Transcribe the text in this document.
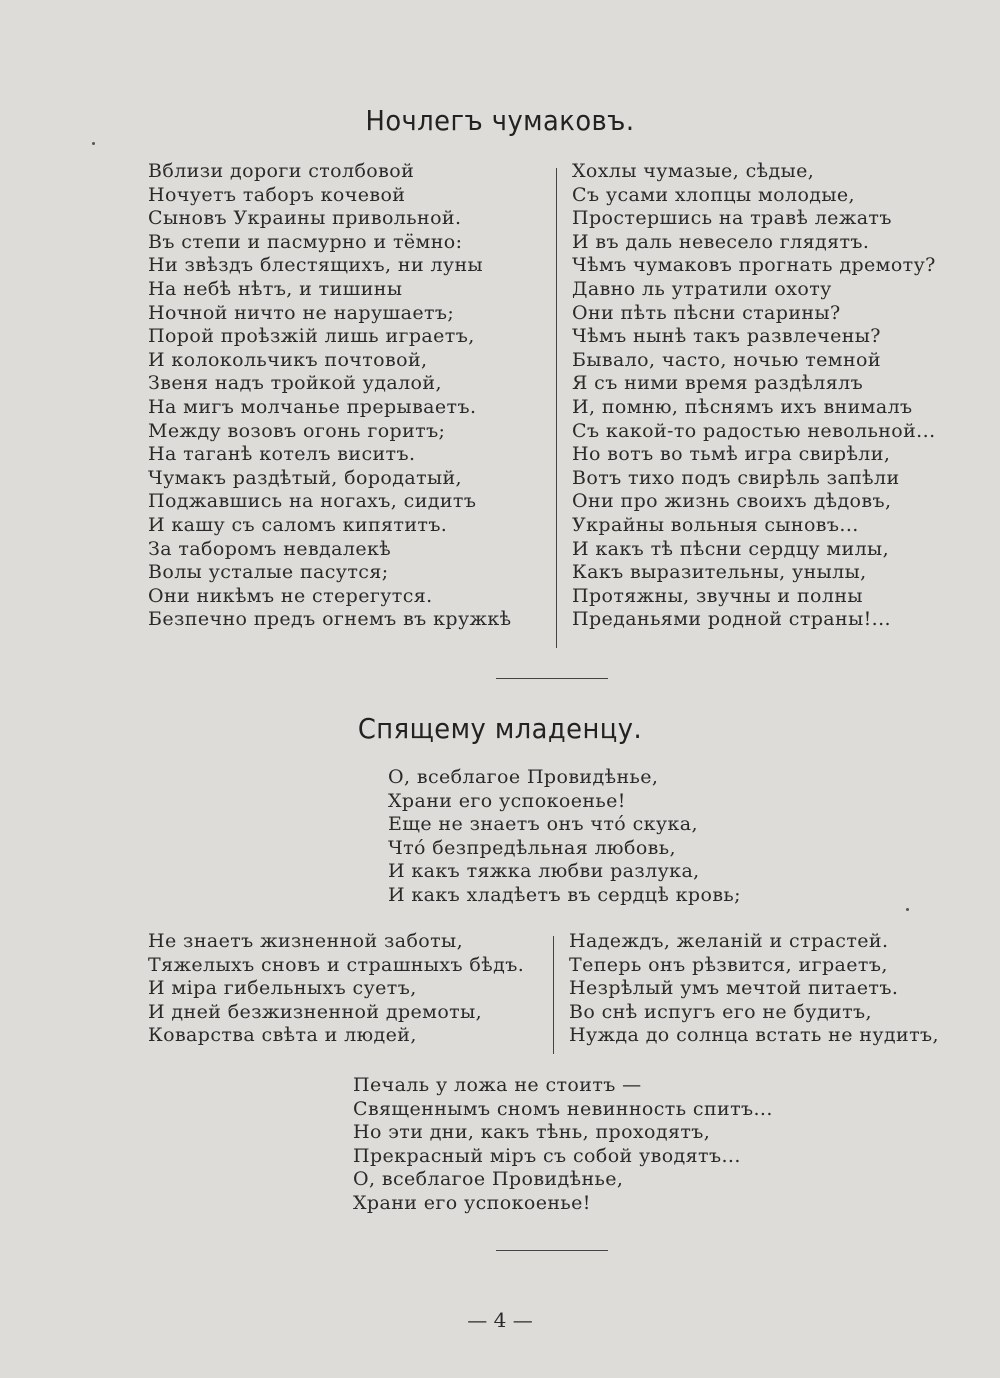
Ночлегъ чумаковъ.
Вблизи дороги столбовой
Ночуетъ таборъ кочевой
Сыновъ Украины привольной.
Въ степи и пасмурно и тёмно:
Ни звѣздъ блестящихъ, ни луны
На небѣ нѣтъ, и тишины
Ночной ничто не нарушаетъ;
Порой проѣзжій лишь играетъ,
И колокольчикъ почтовой,
Звеня надъ тройкой удалой,
На мигъ молчанье прерываетъ.
Между возовъ огонь горитъ;
На таганѣ котелъ виситъ.
Чумакъ раздѣтый, бородатый,
Поджавшись на ногахъ, сидитъ
И кашу съ саломъ кипятитъ.
За таборомъ невдалекѣ
Волы усталые пасутся;
Они никѣмъ не стерегутся.
Безпечно предъ огнемъ въ кружкѣ
Хохлы чумазые, сѣдые,
Съ усами хлопцы молодые,
Простершись на травѣ лежатъ
И въ даль невесело глядятъ.
Чѣмъ чумаковъ прогнать дремоту?
Давно ль утратили охоту
Они пѣть пѣсни старины?
Чѣмъ нынѣ такъ развлечены?
Бывало, часто, ночью темной
Я съ ними время раздѣлялъ
И, помню, пѣснямъ ихъ внималъ
Съ какой-то радостью невольной...
Но вотъ во тьмѣ игра свирѣли,
Вотъ тихо подъ свирѣль запѣли
Они про жизнь своихъ дѣдовъ,
Украйны вольныя сыновъ...
И какъ тѣ пѣсни сердцу милы,
Какъ выразительны, унылы,
Протяжны, звучны и полны
Преданьями родной страны!...
Спящему младенцу.
О, всеблагое Провидѣнье,
Храни его успокоенье!
Еще не знаетъ онъ что́ скука,
Что́ безпредѣльная любовь,
И какъ тяжка любви разлука,
И какъ хладѣетъ въ сердцѣ кровь;
Не знаетъ жизненной заботы,
Тяжелыхъ сновъ и страшныхъ бѣдъ.
И міра гибельныхъ суетъ,
И дней безжизненной дремоты,
Коварства свѣта и людей,
Надеждъ, желаній и страстей.
Теперь онъ рѣзвится, играетъ,
Незрѣлый умъ мечтой питаетъ.
Во снѣ испугъ его не будитъ,
Нужда до солнца встать не нудитъ,
Печаль у ложа не стоитъ —
Священнымъ сномъ невинность спитъ...
Но эти дни, какъ тѣнь, проходятъ,
Прекрасный міръ съ собой уводятъ...
О, всеблагое Провидѣнье,
Храни его успокоенье!
— 4 —
